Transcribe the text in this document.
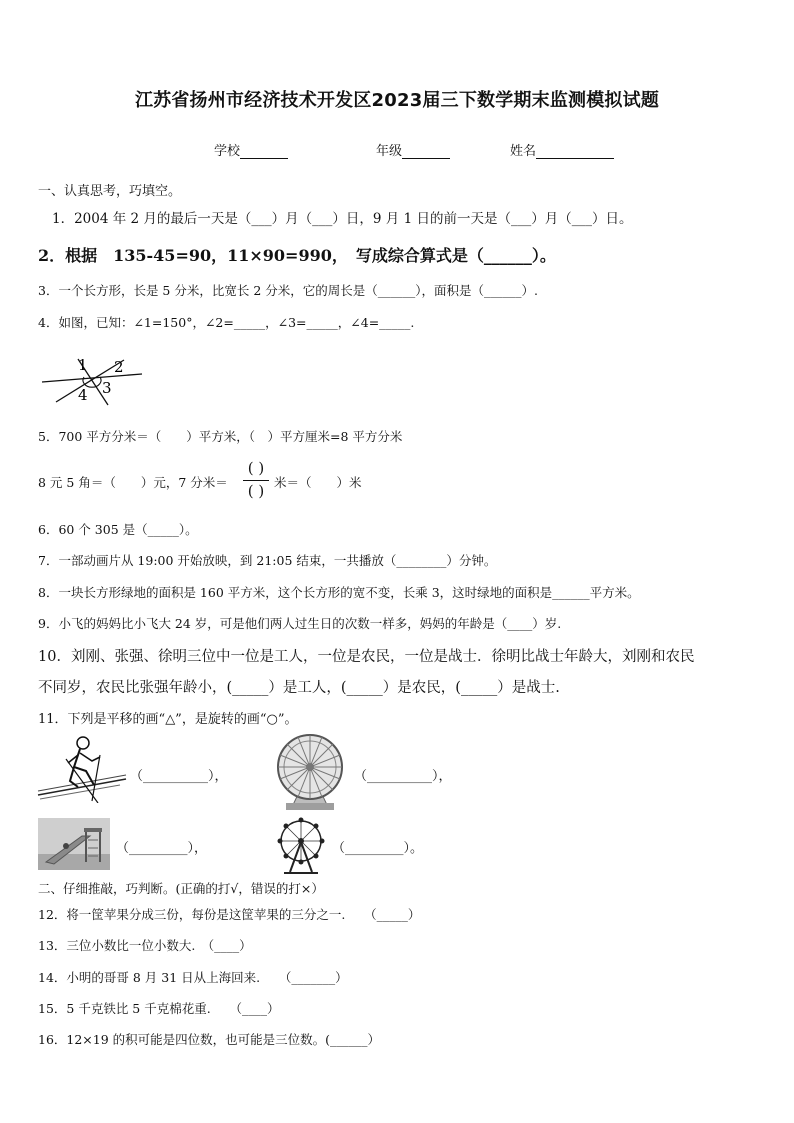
江苏省扬州市经济技术开发区2023届三下数学期末监测模拟试题
学校	年级	姓名
一、认真思考，巧填空。
1．2004 年 2 月的最后一天是（___）月（___）日，9 月 1 日的前一天是（___）月（___）日。
2．根据　135-45=90，11×90=990，　写成综合算式是（______）。
3．一个长方形，长是 5 分米，比宽长 2 分米，它的周长是（______），面积是（______）.
4．如图，已知：∠1=150°，∠2=_____，∠3=_____，∠4=_____.
1 2
3
4
5．700 平方分米＝（　　）平方米，（　）平方厘米=8 平方分米
8 元 5 角＝（　　）元，7 分米＝
( )
( ) 米＝（　　）米
6．60 个 305 是（_____）。
7．一部动画片从 19:00 开始放映，到 21:05 结束，一共播放（________）分钟。
8．一块长方形绿地的面积是 160 平方米，这个长方形的宽不变，长乘 3，这时绿地的面积是______平方米。
9．小飞的妈妈比小飞大 24 岁，可是他们两人过生日的次数一样多，妈妈的年龄是（____）岁.
10．刘刚、张强、徐明三位中一位是工人，一位是农民，一位是战士．徐明比战士年龄大，刘刚和农民
不同岁，农民比张强年龄小，(_____）是工人，(_____）是农民，(_____）是战士.
11．下列是平移的画“△”，是旋转的画“○”。
（__________），	（__________），
（_________），	（_________）。
二、仔细推敲，巧判断。(正确的打√，错误的打×）
12．将一筐苹果分成三份，每份是这筐苹果的三分之一.　　（_____）
13．三位小数比一位小数大.　（____）
14．小明的哥哥 8 月 31 日从上海回来.　　（_______）
15．5 千克铁比 5 千克棉花重.　　（____）
16．12×19 的积可能是四位数，也可能是三位数。(______）
